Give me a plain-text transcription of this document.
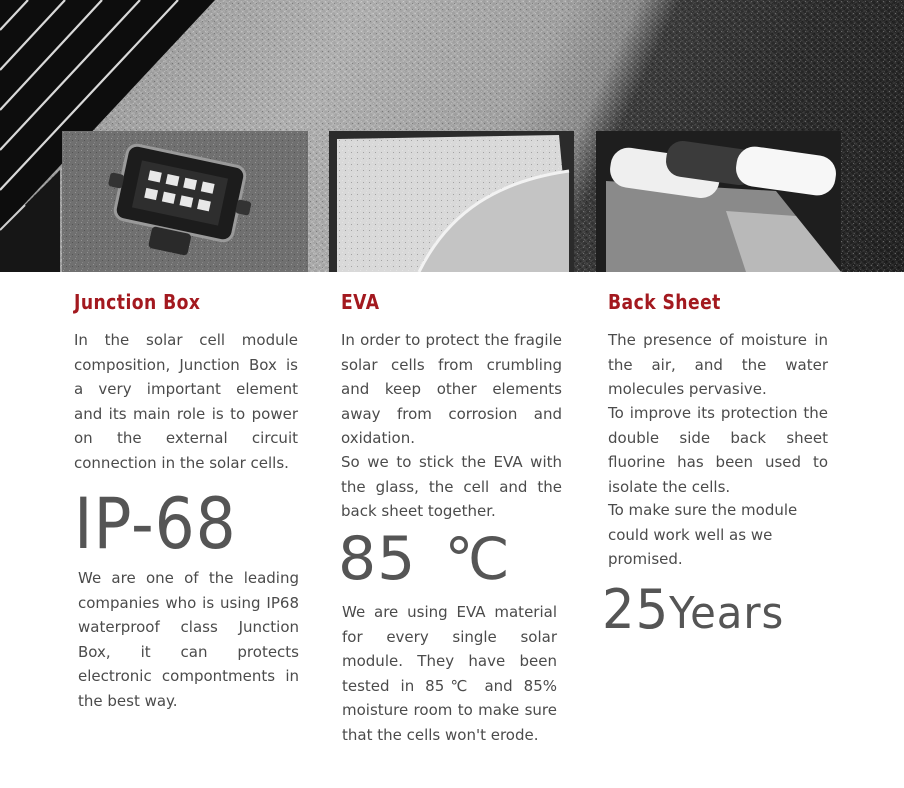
Junction Box

In the solar cell module composition, Junction Box is a very important element and its main role is to power on the external circuit connection in the solar cells.

IP-68

We are one of the leading companies who is using IP68 waterproof class Junction Box, it can protects electronic compontments in the best way.

EVA

In order to protect the fragile solar cells from crumbling and keep other elements away from corrosion and oxidation.

So we to stick the EVA with the glass, the cell and the back sheet together.

85 ℃

We are using EVA material for every single solar module. They have been tested in 85℃ and 85% moisture room to make sure that the cells won't erode.

Back Sheet

The presence of moisture in the air, and the water molecules pervasive.

To improve its protection the double side back sheet fluorine has been used to isolate the cells.

To make sure the module could work well as we promised.

25Years
